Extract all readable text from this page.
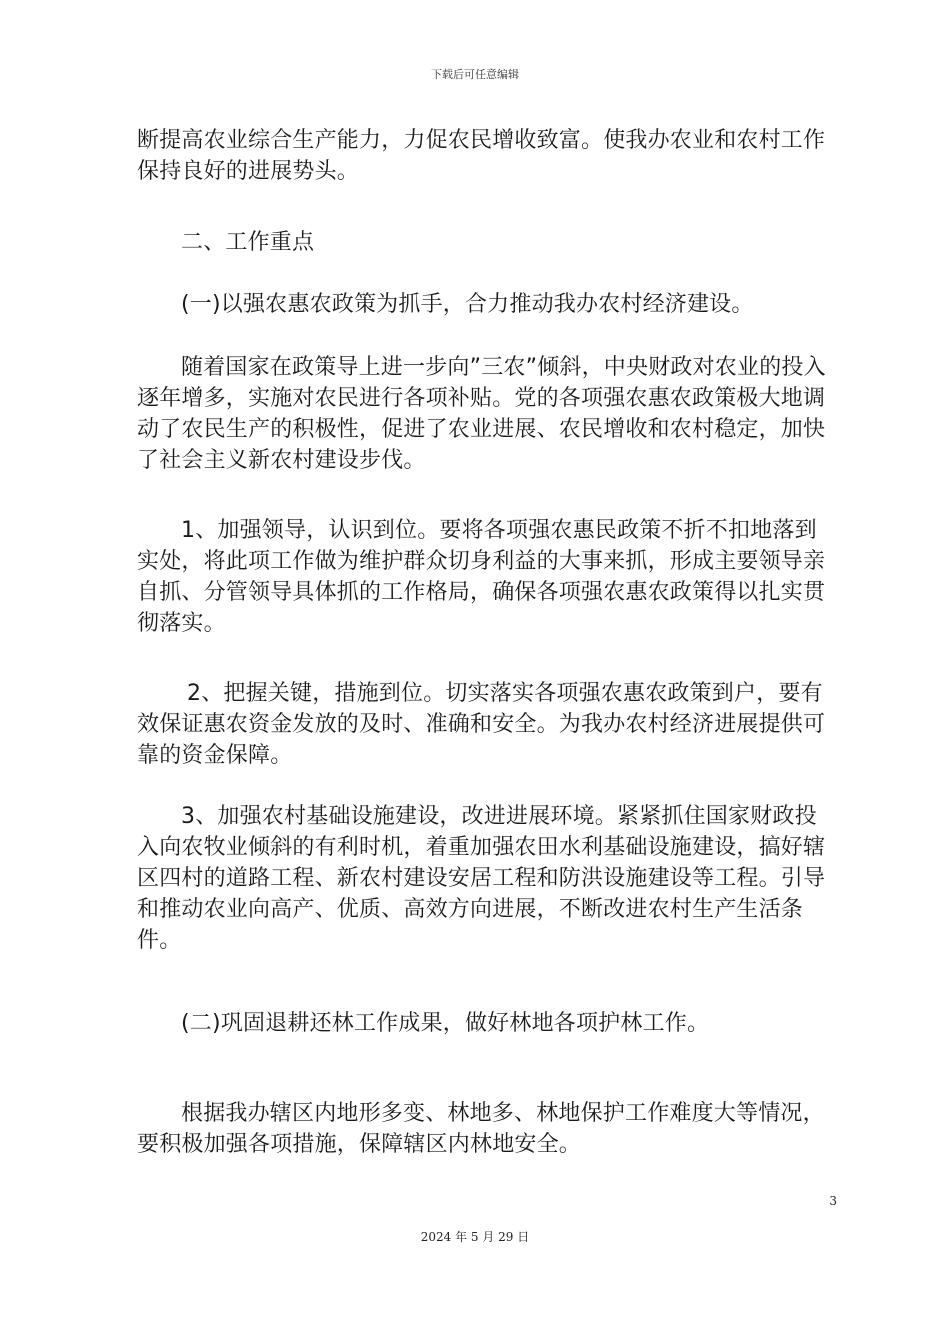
下载后可任意编辑

断提高农业综合生产能力，力促农民增收致富。使我办农业和农村工作保持良好的进展势头。

二、工作重点

(一)以强农惠农政策为抓手，合力推动我办农村经济建设。

随着国家在政策导上进一步向”三农”倾斜，中央财政对农业的投入逐年增多，实施对农民进行各项补贴。党的各项强农惠农政策极大地调动了农民生产的积极性，促进了农业进展、农民增收和农村稳定，加快了社会主义新农村建设步伐。

1、加强领导，认识到位。要将各项强农惠民政策不折不扣地落到实处，将此项工作做为维护群众切身利益的大事来抓，形成主要领导亲自抓、分管领导具体抓的工作格局，确保各项强农惠农政策得以扎实贯彻落实。

2、把握关键，措施到位。切实落实各项强农惠农政策到户，要有效保证惠农资金发放的及时、准确和安全。为我办农村经济进展提供可靠的资金保障。

3、加强农村基础设施建设，改进进展环境。紧紧抓住国家财政投入向农牧业倾斜的有利时机，着重加强农田水利基础设施建设，搞好辖区四村的道路工程、新农村建设安居工程和防洪设施建设等工程。引导和推动农业向高产、优质、高效方向进展，不断改进农村生产生活条件。

(二)巩固退耕还林工作成果，做好林地各项护林工作。

根据我办辖区内地形多变、林地多、林地保护工作难度大等情况，要积极加强各项措施，保障辖区内林地安全。

3
2024 年 5 月 29 日
